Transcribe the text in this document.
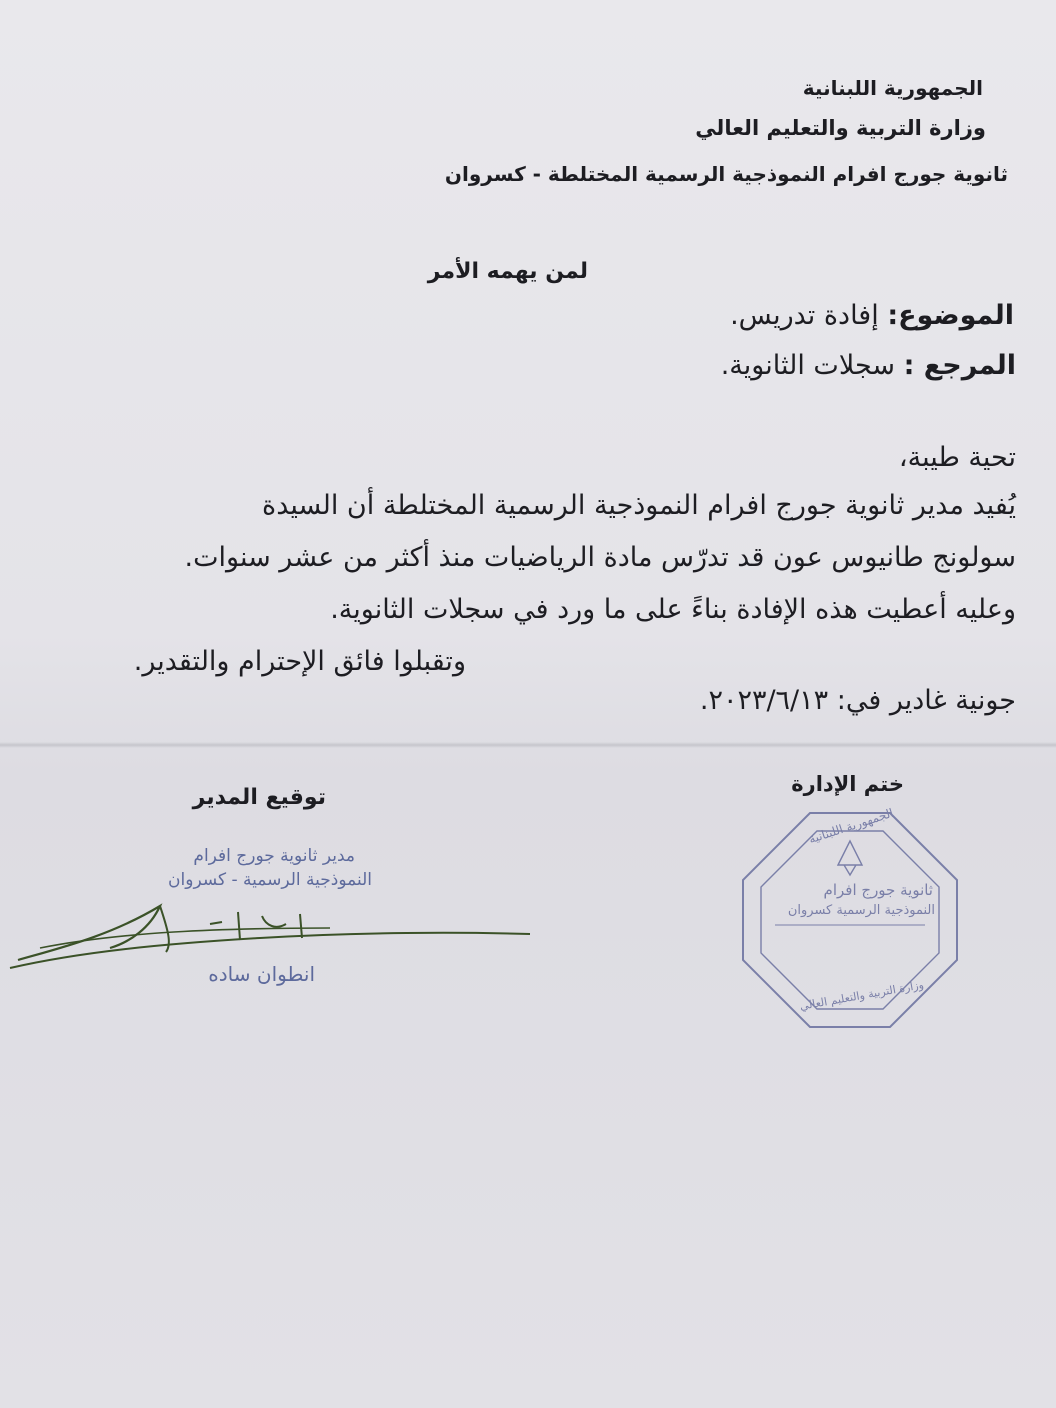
الجمهورية اللبنانية
وزارة التربية والتعليم العالي
ثانوية جورج افرام النموذجية الرسمية المختلطة - كسروان
لمن يهمه الأمر
الموضوع: إفادة تدريس.
المرجع : سجلات الثانوية.
تحية طيبة،
يُفيد مدير ثانوية جورج افرام النموذجية الرسمية المختلطة أن السيدة
سولونج طانيوس عون قد تدرّس مادة الرياضيات منذ أكثر من عشر سنوات.
وعليه أعطيت هذه الإفادة بناءً على ما ورد في سجلات الثانوية.
وتقبلوا فائق الإحترام والتقدير.
جونية غادير في: ٢٠٢٣/٦/١٣.
ختم الإدارة
توقيع المدير
مدير ثانوية جورج افرام
النموذجية الرسمية - كسروان
انطوان ساده
الجمهورية اللبنانية
ثانوية جورج افرام
النموذجية الرسمية كسروان
وزارة التربية والتعليم العالي
